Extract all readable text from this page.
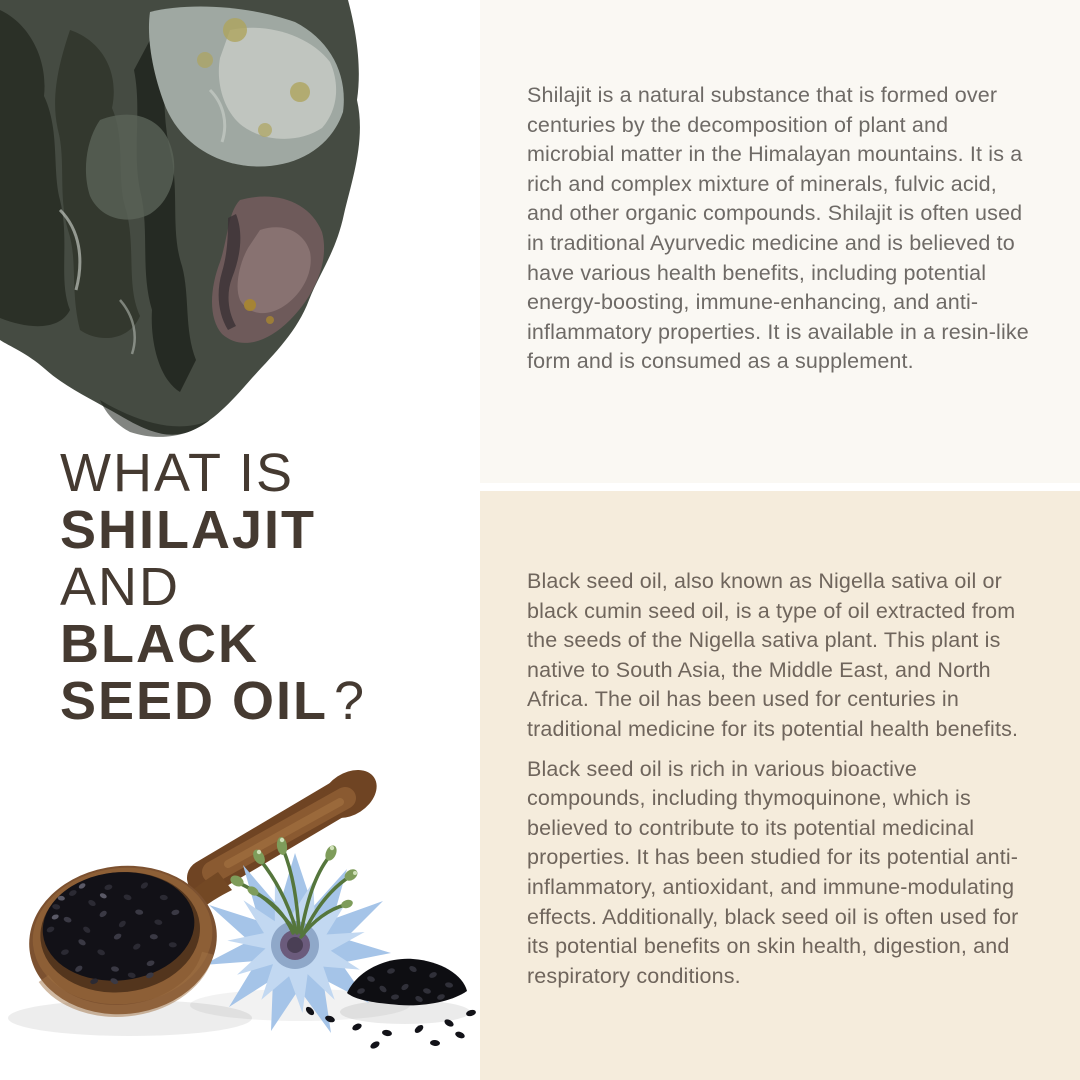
WHAT IS
SHILAJIT
AND
BLACK
SEED OIL ?

Shilajit is a natural substance that is formed over centuries by the decomposition of plant and microbial matter in the Himalayan mountains. It is a rich and complex mixture of minerals, fulvic acid, and other organic compounds. Shilajit is often used in traditional Ayurvedic medicine and is believed to have various health benefits, including potential energy-boosting, immune-enhancing, and anti-inflammatory properties. It is available in a resin-like form and is consumed as a supplement.

Black seed oil, also known as Nigella sativa oil or black cumin seed oil, is a type of oil extracted from the seeds of the Nigella sativa plant. This plant is native to South Asia, the Middle East, and North Africa. The oil has been used for centuries in traditional medicine for its potential health benefits.

Black seed oil is rich in various bioactive compounds, including thymoquinone, which is believed to contribute to its potential medicinal properties. It has been studied for its potential anti-inflammatory, antioxidant, and immune-modulating effects. Additionally, black seed oil is often used for its potential benefits on skin health, digestion, and respiratory conditions.
